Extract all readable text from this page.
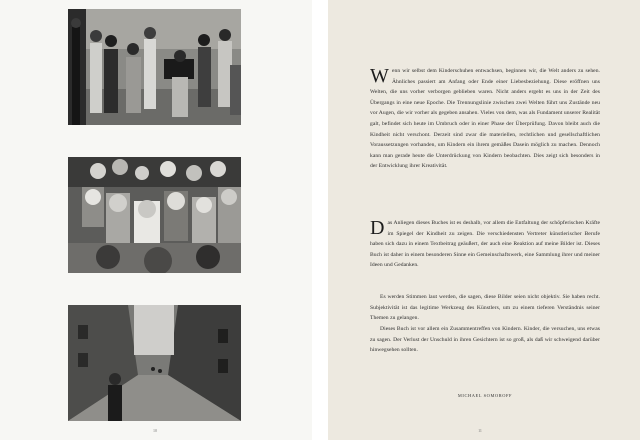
10
Wenn wir selbst dem Kinderschuhen entwachsen, beginnen wir, die Welt anders zu sehen. Ähnliches passiert am Anfang oder Ende einer Liebesbeziehung. Diese eröffnen uns Welten, die uns vorher verborgen geblieben waren. Nicht anders ergeht es uns in der Zeit des Übergangs in eine neue Epoche. Die Trennungslinie zwischen zwei Welten führt uns Zustände neu vor Augen, die wir vorher als gegeben ansahen. Vieles von dem, was als Fundament unserer Realität galt, befindet sich heute im Umbruch oder in einer Phase der Überprüfung. Davon bleibt auch die Kindheit nicht verschont. Derzeit sind zwar die materiellen, rechtlichen und gesellschaftlichen Voraussetzungen vorhanden, um Kindern ein ihrem gemäßes Dasein möglich zu machen. Dennoch kann man gerade heute die Unterdrückung von Kindern beobachten. Dies zeigt sich besonders in der Entwicklung ihrer Kreativität.
Das Anliegen dieses Buches ist es deshalb, vor allem die Entfaltung der schöpferischen Kräfte im Spiegel der Kindheit zu zeigen. Die verschiedensten Vertreter künstlerischer Berufe haben sich dazu in einem Textbeitrag geäußert, der auch eine Reaktion auf meine Bilder ist. Dieses Buch ist daher in einem besonderen Sinne ein Gemeinschaftswerk, eine Sammlung ihrer und meiner Ideen und Gedanken.
Es werden Stimmen laut werden, die sagen, diese Bilder seien nicht objektiv. Sie haben recht. Subjektivität ist das legitime Werkzeug des Künstlers, um zu einem tieferen Verständnis seiner Themen zu gelangen.
Dieses Buch ist vor allem ein Zusammentreffen von Kindern. Kinder, die versuchen, uns etwas zu sagen. Der Verlust der Unschuld in ihren Gesichtern ist so groß, als daß wir schweigend darüber hinwegsehen sollten.
MICHAEL SOMOROFF
11
